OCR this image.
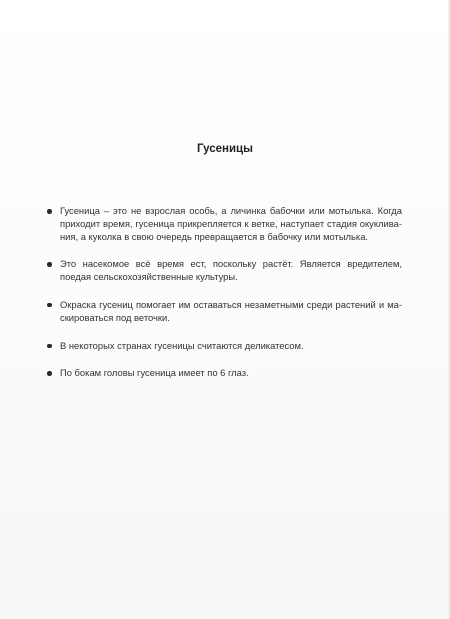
Гусеницы
Гусеница – это не взрослая особь, а личинка бабочки или мотылька. Когда приходит время, гусеница прикрепляется к ветке, наступает стадия окуклива-ния, а куколка в свою очередь превращается в бабочку или мотылька.
Это насекомое всё время ест, поскольку растёт. Является вредителем, поедая сельскохозяйственные культуры.
Окраска гусениц помогает им оставаться незаметными среди растений и ма-скироваться под веточки.
В некоторых странах гусеницы считаются деликатесом.
По бокам головы гусеница имеет по 6 глаз.
